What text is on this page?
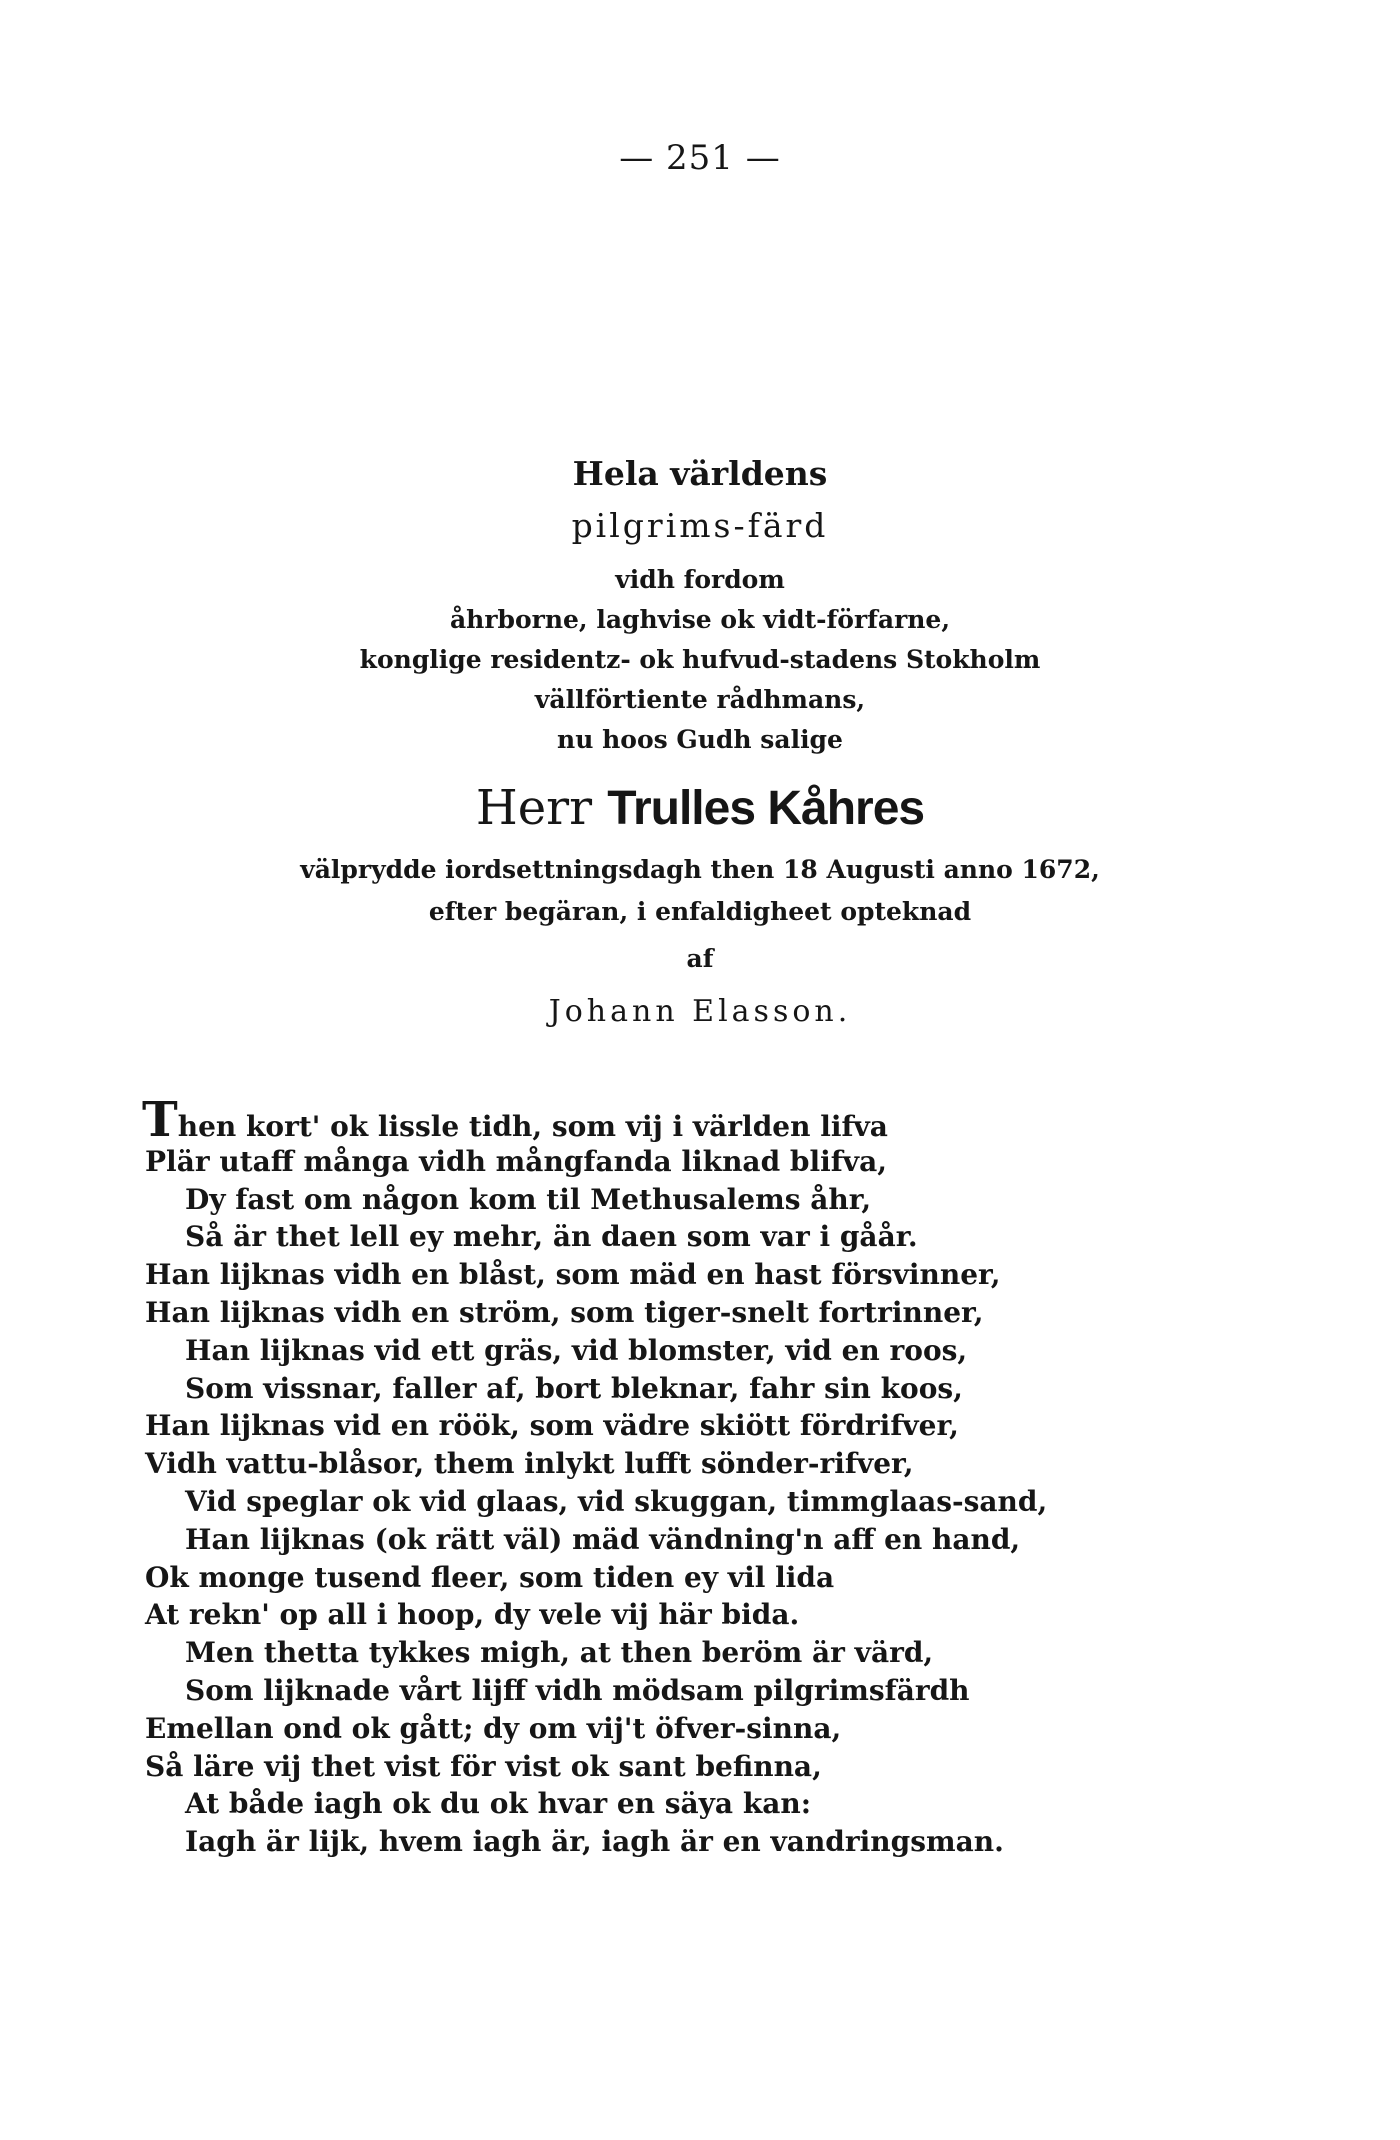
— 251 —
Hela världens
pilgrims-färd
vidh fordom
åhrborne, laghvise ok vidt-förfarne,
konglige residentz- ok hufvud-stadens Stokholm
vällförtiente rådhmans,
nu hoos Gudh salige
Herr Trulles Kåhres
välprydde iordsettningsdagh then 18 Augusti anno 1672,
efter begäran, i enfaldigheet opteknad
af
Johann Elasson.
Then kort' ok lissle tidh, som vij i världen lifva
Plär utaff många vidh mångfanda liknad blifva,
Dy fast om någon kom til Methusalems åhr,
Så är thet lell ey mehr, än daen som var i gåår.
Han lijknas vidh en blåst, som mäd en hast försvinner,
Han lijknas vidh en ström, som tiger-snelt fortrinner,
Han lijknas vid ett gräs, vid blomster, vid en roos,
Som vissnar, faller af, bort bleknar, fahr sin koos,
Han lijknas vid en röök, som vädre skiött fördrifver,
Vidh vattu-blåsor, them inlykt lufft sönder-rifver,
Vid speglar ok vid glaas, vid skuggan, timmglaas-sand,
Han lijknas (ok rätt väl) mäd vändning'n aff en hand,
Ok monge tusend fleer, som tiden ey vil lida
At rekn' op all i hoop, dy vele vij här bida.
Men thetta tykkes migh, at then beröm är värd,
Som lijknade vårt lijff vidh mödsam pilgrimsfärdh
Emellan ond ok gått; dy om vij't öfver-sinna,
Så läre vij thet vist för vist ok sant befinna,
At både iagh ok du ok hvar en säya kan:
Iagh är lijk, hvem iagh är, iagh är en vandringsman.
